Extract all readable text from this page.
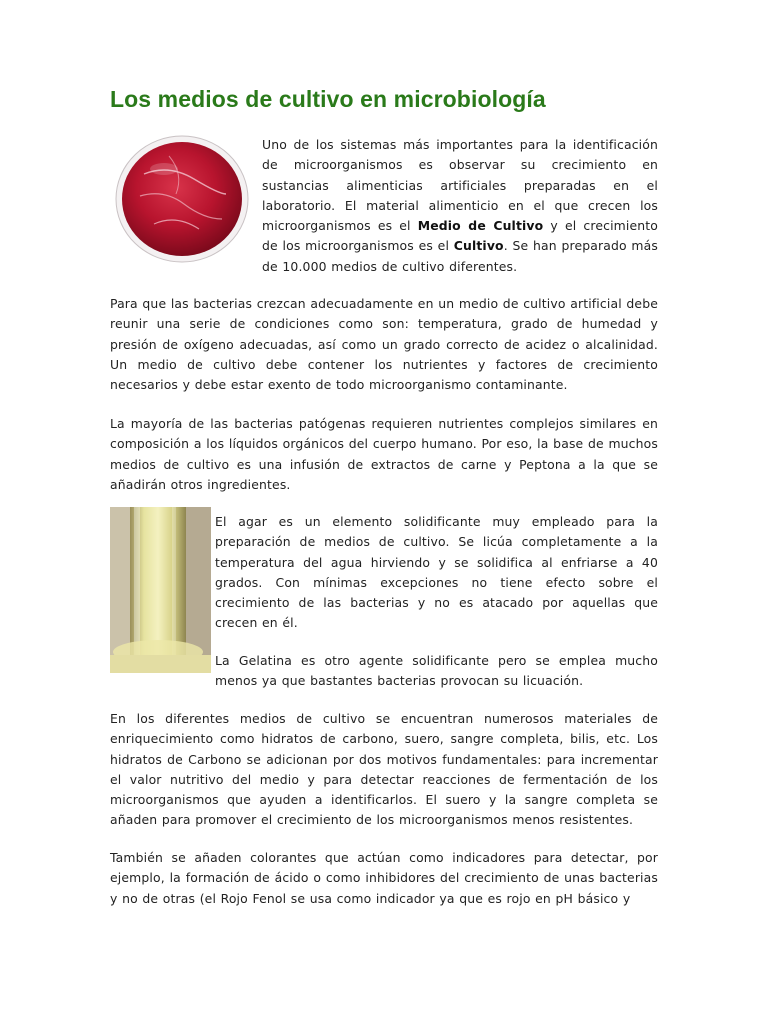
Los medios de cultivo en microbiología

Uno de los sistemas más importantes para la identificación de microorganismos es observar su crecimiento en sustancias alimenticias artificiales preparadas en el laboratorio. El material alimenticio en el que crecen los microorganismos es el Medio de Cultivo y el crecimiento de los microorganismos es el Cultivo. Se han preparado más de 10.000 medios de cultivo diferentes.

Para que las bacterias crezcan adecuadamente en un medio de cultivo artificial debe reunir una serie de condiciones como son: temperatura, grado de humedad y presión de oxígeno adecuadas, así como un grado correcto de acidez o alcalinidad. Un medio de cultivo debe contener los nutrientes y factores de crecimiento necesarios y debe estar exento de todo microorganismo contaminante.

La mayoría de las bacterias patógenas requieren nutrientes complejos similares en composición a los líquidos orgánicos del cuerpo humano. Por eso, la base de muchos medios de cultivo es una infusión de extractos de carne y Peptona a la que se añadirán otros ingredientes.

El agar es un elemento solidificante muy empleado para la preparación de medios de cultivo. Se licúa completamente a la temperatura del agua hirviendo y se solidifica al enfriarse a 40 grados. Con mínimas excepciones no tiene efecto sobre el crecimiento de las bacterias y no es atacado por aquellas que crecen en él.

La Gelatina es otro agente solidificante pero se emplea mucho menos ya que bastantes bacterias provocan su licuación.

En los diferentes medios de cultivo se encuentran numerosos materiales de enriquecimiento como hidratos de carbono, suero, sangre completa, bilis, etc. Los hidratos de Carbono se adicionan por dos motivos fundamentales: para incrementar el valor nutritivo del medio y para detectar reacciones de fermentación de los microorganismos que ayuden a identificarlos. El suero y la sangre completa se añaden para promover el crecimiento de los microorganismos menos resistentes.

También se añaden colorantes que actúan como indicadores para detectar, por ejemplo, la formación de ácido o como inhibidores del crecimiento de unas bacterias y no de otras (el Rojo Fenol se usa como indicador ya que es rojo en pH básico y
